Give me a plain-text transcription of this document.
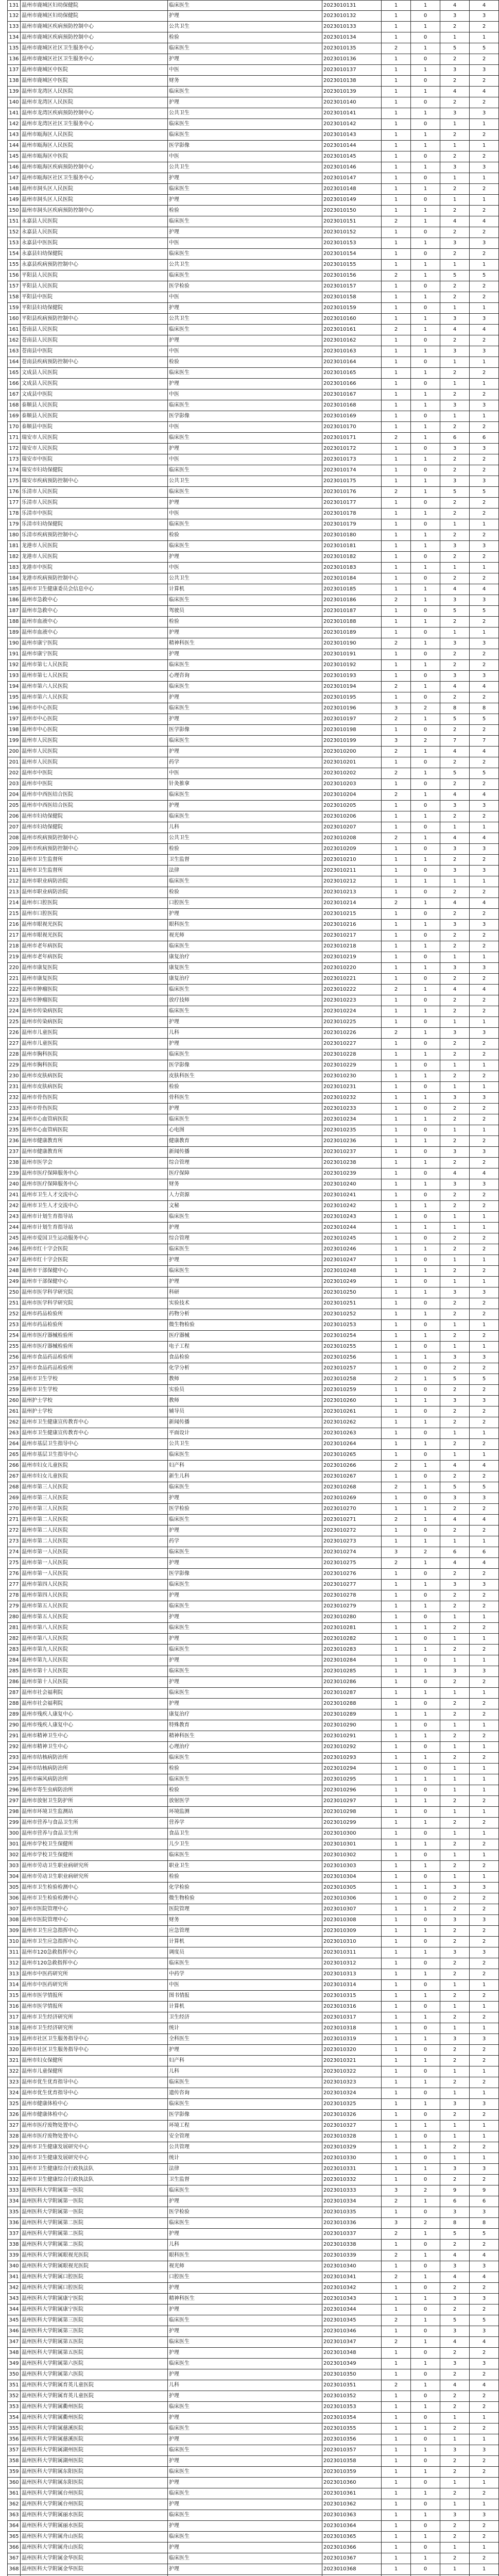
131 温州市鹿城区妇幼保健院	临床医生	2023010131	1	1	4	4
132 温州市鹿城区妇幼保健院	护理	2023010132	1	0	3	3
133 温州市鹿城区疾病预防控制中心	公共卫生	2023010133	1	1	2	2
134 温州市鹿城区疾病预防控制中心	检验	2023010134	1	0	1	1
135 温州市鹿城区社区卫生服务中心	临床医生	2023010135	2	1	5	5
136 温州市鹿城区社区卫生服务中心	护理	2023010136	1	0	2	2
137 温州市鹿城区中医院	中医	2023010137	1	1	3	3
138 温州市鹿城区中医院	财务	2023010138	1	0	2	2
139 温州市龙湾区人民医院	临床医生	2023010139	1	1	4	4
140 温州市龙湾区人民医院	护理	2023010140	1	0	2	2
141 温州市龙湾区疾病预防控制中心	公共卫生	2023010141	1	1	3	3
142 温州市龙湾区社区卫生服务中心	临床医生	2023010142	1	0	1	1
143 温州市瓯海区人民医院	临床医生	2023010143	1	1	2	2
144 温州市瓯海区人民医院	医学影像	2023010144	1	1	1	1
145 温州市瓯海区中医院	中医	2023010145	1	0	2	2
146 温州市瓯海区疾病预防控制中心	公共卫生	2023010146	1	1	3	3
147 温州市瓯海区社区卫生服务中心	护理	2023010147	1	0	1	1
148 温州市洞头区人民医院	临床医生	2023010148	1	1	2	2
149 温州市洞头区人民医院	护理	2023010149	1	0	1	1
150 温州市洞头区疾病预防控制中心	检验	2023010150	1	1	2	2
151 永嘉县人民医院	临床医生	2023010151	2	1	4	4
152 永嘉县人民医院	护理	2023010152	1	0	2	2
153 永嘉县中医医院	中医	2023010153	1	1	3	3
154 永嘉县妇幼保健院	临床医生	2023010154	1	0	2	2
155 永嘉县疾病预防控制中心	公共卫生	2023010155	1	1	1	1
156 平阳县人民医院	临床医生	2023010156	2	1	5	5
157 平阳县人民医院	医学检验	2023010157	1	0	2	2
158 平阳县中医院	中医	2023010158	1	1	2	2
159 平阳县妇幼保健院	护理	2023010159	1	0	1	1
160 平阳县疾病预防控制中心	公共卫生	2023010160	1	1	3	3
161 苍南县人民医院	临床医生	2023010161	2	1	4	4
162 苍南县人民医院	护理	2023010162	1	0	2	2
163 苍南县中医院	中医	2023010163	1	1	3	3
164 苍南县疾病预防控制中心	检验	2023010164	1	0	1	1
165 文成县人民医院	临床医生	2023010165	1	1	2	2
166 文成县人民医院	护理	2023010166	1	0	1	1
167 文成县中医院	中医	2023010167	1	1	2	2
168 泰顺县人民医院	临床医生	2023010168	1	1	3	3
169 泰顺县人民医院	医学影像	2023010169	1	0	1	1
170 泰顺县中医院	中医	2023010170	1	1	2	2
171 瑞安市人民医院	临床医生	2023010171	2	1	6	6
172 瑞安市人民医院	护理	2023010172	1	0	3	3
173 瑞安市中医院	中医	2023010173	1	1	2	2
174 瑞安市妇幼保健院	临床医生	2023010174	1	0	2	2
175 瑞安市疾病预防控制中心	公共卫生	2023010175	1	1	3	3
176 乐清市人民医院	临床医生	2023010176	2	1	5	5
177 乐清市人民医院	护理	2023010177	1	0	2	2
178 乐清市中医院	中医	2023010178	1	1	2	2
179 乐清市妇幼保健院	临床医生	2023010179	1	0	1	1
180 乐清市疾病预防控制中心	检验	2023010180	1	1	2	2
181 龙港市人民医院	临床医生	2023010181	1	1	3	3
182 龙港市人民医院	护理	2023010182	1	0	2	2
183 龙港市中医院	中医	2023010183	1	1	1	1
184 龙港市疾病预防控制中心	公共卫生	2023010184	1	0	2	2
185 温州市卫生健康委员会信息中心	计算机	2023010185	1	1	4	4
186 温州市急救中心	临床医生	2023010186	2	1	3	3
187 温州市急救中心	驾驶员	2023010187	1	0	5	5
188 温州市血液中心	检验	2023010188	1	1	2	2
189 温州市血液中心	护理	2023010189	1	0	1	1
190 温州市康宁医院	精神科医生	2023010190	2	1	3	3
191 温州市康宁医院	护理	2023010191	1	0	2	2
192 温州市第七人民医院	临床医生	2023010192	1	1	2	2
193 温州市第七人民医院	心理咨询	2023010193	1	0	3	3
194 温州市第六人民医院	临床医生	2023010194	2	1	4	4
195 温州市第六人民医院	护理	2023010195	1	0	2	2
196 温州市中心医院	临床医生	2023010196	3	2	8	8
197 温州市中心医院	护理	2023010197	2	1	5	5
198 温州市中心医院	医学影像	2023010198	1	0	2	2
199 温州市人民医院	临床医生	2023010199	3	2	7	7
200 温州市人民医院	护理	2023010200	2	1	4	4
201 温州市人民医院	药学	2023010201	1	0	2	2
202 温州市中医院	中医	2023010202	2	1	5	5
203 温州市中医院	针灸推拿	2023010203	1	0	2	2
204 温州市中西医结合医院	临床医生	2023010204	2	1	4	4
205 温州市中西医结合医院	护理	2023010205	1	0	3	3
206 温州市妇幼保健院	临床医生	2023010206	1	1	2	2
207 温州市妇幼保健院	儿科	2023010207	1	0	1	1
208 温州市疾病预防控制中心	公共卫生	2023010208	2	1	4	4
209 温州市疾病预防控制中心	检验	2023010209	1	0	3	3
210 温州市卫生监督所	卫生监督	2023010210	1	1	2	2
211 温州市卫生监督所	法律	2023010211	1	0	3	3
212 温州市职业病防治院	临床医生	2023010212	1	1	1	1
213 温州市职业病防治院	检验	2023010213	1	0	2	2
214 温州市口腔医院	口腔医生	2023010214	2	1	4	4
215 温州市口腔医院	护理	2023010215	1	0	2	2
216 温州市眼视光医院	眼科医生	2023010216	1	1	3	3
217 温州市眼视光医院	视光师	2023010217	1	0	2	2
218 温州市老年病医院	临床医生	2023010218	1	1	2	2
219 温州市老年病医院	康复治疗	2023010219	1	0	1	1
220 温州市康复医院	康复医生	2023010220	1	1	3	3
221 温州市康复医院	康复治疗	2023010221	1	0	2	2
222 温州市肿瘤医院	临床医生	2023010222	2	1	4	4
223 温州市肿瘤医院	放疗技师	2023010223	1	0	2	2
224 温州市传染病医院	临床医生	2023010224	1	1	2	2
225 温州市传染病医院	护理	2023010225	1	0	1	1
226 温州市儿童医院	儿科	2023010226	2	1	3	3
227 温州市儿童医院	护理	2023010227	1	0	2	2
228 温州市胸科医院	临床医生	2023010228	1	1	2	2
229 温州市胸科医院	医学影像	2023010229	1	0	1	1
230 温州市皮肤病医院	皮肤科医生	2023010230	1	1	2	2
231 温州市皮肤病医院	检验	2023010231	1	0	1	1
232 温州市骨伤医院	骨科医生	2023010232	1	1	3	3
233 温州市骨伤医院	护理	2023010233	1	0	2	2
234 温州市心血管病医院	临床医生	2023010234	1	1	2	2
235 温州市心血管病医院	心电图	2023010235	1	0	1	1
236 温州市健康教育所	健康教育	2023010236	1	1	2	2
237 温州市健康教育所	新闻传播	2023010237	1	0	3	3
238 温州市医学会	综合管理	2023010238	1	1	2	2
239 温州市医疗保障服务中心	医疗保障	2023010239	1	0	4	4
240 温州市医疗保障服务中心	财务	2023010240	1	1	3	3
241 温州市卫生人才交流中心	人力资源	2023010241	1	0	2	2
242 温州市卫生人才交流中心	文秘	2023010242	1	1	2	2
243 温州市计划生育指导站	临床医生	2023010243	1	0	1	1
244 温州市计划生育指导站	护理	2023010244	1	1	1	1
245 温州市爱国卫生运动服务中心	综合管理	2023010245	1	0	2	2
246 温州市红十字会医院	临床医生	2023010246	1	1	2	2
247 温州市红十字会医院	护理	2023010247	1	0	1	1
248 温州市干部保健中心	临床医生	2023010248	1	1	2	2
249 温州市干部保健中心	护理	2023010249	1	0	1	1
250 温州市医学科学研究院	科研	2023010250	1	1	3	3
251 温州市医学科学研究院	实验技术	2023010251	1	0	2	2
252 温州市药品检验所	药物分析	2023010252	1	1	2	2
253 温州市药品检验所	微生物检验	2023010253	1	0	1	1
254 温州市医疗器械检验所	医疗器械	2023010254	1	1	2	2
255 温州市医疗器械检验所	电子工程	2023010255	1	0	1	1
256 温州市食品药品检验所	食品检验	2023010256	1	1	3	3
257 温州市食品药品检验所	化学分析	2023010257	1	0	2	2
258 温州市卫生学校	教师	2023010258	2	1	5	5
259 温州市卫生学校	实验员	2023010259	1	0	2	2
260 温州护士学校	教师	2023010260	1	1	3	3
261 温州护士学校	辅导员	2023010261	1	0	2	2
262 温州市卫生健康宣传教育中心	新闻传播	2023010262	1	1	2	2
263 温州市卫生健康宣传教育中心	平面设计	2023010263	1	0	1	1
264 温州市基层卫生指导中心	公共卫生	2023010264	1	1	2	2
265 温州市基层卫生指导中心	临床医生	2023010265	1	0	1	1
266 温州市妇女儿童医院	妇产科	2023010266	2	1	4	4
267 温州市妇女儿童医院	新生儿科	2023010267	1	0	2	2
268 温州市第三人民医院	临床医生	2023010268	2	1	5	5
269 温州市第三人民医院	护理	2023010269	1	0	3	3
270 温州市第三人民医院	医学检验	2023010270	1	1	2	2
271 温州市第二人民医院	临床医生	2023010271	2	1	4	4
272 温州市第二人民医院	护理	2023010272	1	0	2	2
273 温州市第二人民医院	药学	2023010273	1	1	1	1
274 温州市第一人民医院	临床医生	2023010274	3	2	6	6
275 温州市第一人民医院	护理	2023010275	2	1	4	4
276 温州市第一人民医院	医学影像	2023010276	1	0	2	2
277 温州市第四人民医院	临床医生	2023010277	1	1	3	3
278 温州市第四人民医院	护理	2023010278	1	0	2	2
279 温州市第五人民医院	临床医生	2023010279	1	1	2	2
280 温州市第五人民医院	护理	2023010280	1	0	1	1
281 温州市第八人民医院	临床医生	2023010281	1	1	2	2
282 温州市第八人民医院	护理	2023010282	1	0	1	1
283 温州市第九人民医院	临床医生	2023010283	1	1	2	2
284 温州市第九人民医院	护理	2023010284	1	0	1	1
285 温州市第十人民医院	临床医生	2023010285	1	1	3	3
286 温州市第十人民医院	护理	2023010286	1	0	2	2
287 温州市社会福利院	临床医生	2023010287	1	1	1	1
288 温州市社会福利院	护理	2023010288	1	0	2	2
289 温州市残疾人康复中心	康复治疗	2023010289	1	1	2	2
290 温州市残疾人康复中心	特殊教育	2023010290	1	0	1	1
291 温州市精神卫生中心	精神科医生	2023010291	1	1	2	2
292 温州市精神卫生中心	心理治疗	2023010292	1	0	1	1
293 温州市结核病防治所	临床医生	2023010293	1	1	2	2
294 温州市结核病防治所	检验	2023010294	1	0	1	1
295 温州市麻风病防治所	临床医生	2023010295	1	1	1	1
296 温州市寄生虫病防治所	检验	2023010296	1	0	1	1
297 温州市放射卫生防护所	放射医学	2023010297	1	1	2	2
298 温州市环境卫生监测站	环境监测	2023010298	1	0	1	1
299 温州市营养与食品卫生所	营养学	2023010299	1	1	2	2
300 温州市营养与食品卫生所	食品卫生	2023010300	1	0	1	1
301 温州市学校卫生保健所	儿少卫生	2023010301	1	1	2	2
302 温州市学校卫生保健所	临床医生	2023010302	1	0	1	1
303 温州市劳动卫生职业病研究所	职业卫生	2023010303	1	1	2	2
304 温州市劳动卫生职业病研究所	检验	2023010304	1	0	1	1
305 温州市卫生检验检测中心	化学检验	2023010305	1	1	3	3
306 温州市卫生检验检测中心	微生物检验	2023010306	1	0	2	2
307 温州市医院管理中心	医院管理	2023010307	1	1	2	2
308 温州市医院管理中心	财务	2023010308	1	0	3	3
309 温州市卫生应急指挥中心	应急管理	2023010309	1	1	2	2
310 温州市卫生应急指挥中心	计算机	2023010310	1	0	2	2
311 温州市120急救指挥中心	调度员	2023010311	1	1	3	3
312 温州市120急救指挥中心	临床医生	2023010312	1	0	2	2
313 温州市中医药研究所	中药学	2023010313	1	1	2	2
314 温州市中医药研究所	中医	2023010314	1	0	1	1
315 温州市医学情报所	图书情报	2023010315	1	1	2	2
316 温州市医学情报所	计算机	2023010316	1	0	1	1
317 温州市卫生经济研究所	卫生经济	2023010317	1	1	2	2
318 温州市卫生经济研究所	统计	2023010318	1	0	1	1
319 温州市社区卫生服务指导中心	全科医生	2023010319	1	1	3	3
320 温州市社区卫生服务指导中心	护理	2023010320	1	0	2	2
321 温州市妇女保健所	妇产科	2023010321	1	1	2	2
322 温州市儿童保健所	儿科	2023010322	1	0	1	1
323 温州市优生优育指导中心	临床医生	2023010323	1	1	2	2
324 温州市优生优育指导中心	遗传咨询	2023010324	1	0	1	1
325 温州市健康体检中心	临床医生	2023010325	1	1	3	3
326 温州市健康体检中心	医学影像	2023010326	1	0	2	2
327 温州市医疗废物处置中心	环境工程	2023010327	1	1	1	1
328 温州市医疗废物处置中心	安全管理	2023010328	1	0	1	1
329 温州市卫生健康发展研究中心	公共管理	2023010329	1	1	2	2
330 温州市卫生健康发展研究中心	统计	2023010330	1	0	1	1
331 温州市卫生健康综合行政执法队	法律	2023010331	1	1	3	3
332 温州市卫生健康综合行政执法队	卫生监督	2023010332	1	0	2	2
333 温州医科大学附属第一医院	临床医生	2023010333	3	2	9	9
334 温州医科大学附属第一医院	护理	2023010334	2	1	6	6
335 温州医科大学附属第一医院	医学检验	2023010335	1	0	3	3
336 温州医科大学附属第二医院	临床医生	2023010336	3	2	8	8
337 温州医科大学附属第二医院	护理	2023010337	2	1	5	5
338 温州医科大学附属第二医院	儿科	2023010338	1	0	2	2
339 温州医科大学附属眼视光医院	眼科医生	2023010339	2	1	4	4
340 温州医科大学附属眼视光医院	视光师	2023010340	1	0	3	3
341 温州医科大学附属口腔医院	口腔医生	2023010341	2	1	4	4
342 温州医科大学附属口腔医院	护理	2023010342	1	0	2	2
343 温州医科大学附属康宁医院	精神科医生	2023010343	1	1	3	3
344 温州医科大学附属康宁医院	护理	2023010344	1	0	2	2
345 温州医科大学附属第三医院	临床医生	2023010345	2	1	5	5
346 温州医科大学附属第三医院	护理	2023010346	1	0	3	3
347 温州医科大学附属第五医院	临床医生	2023010347	2	1	4	4
348 温州医科大学附属第五医院	护理	2023010348	1	0	2	2
349 温州医科大学附属第六医院	临床医生	2023010349	1	1	3	3
350 温州医科大学附属第六医院	护理	2023010350	1	0	2	2
351 温州医科大学附属育英儿童医院	儿科	2023010351	2	1	4	4
352 温州医科大学附属育英儿童医院	护理	2023010352	1	0	2	2
353 温州医科大学附属衢州医院	临床医生	2023010353	1	1	2	2
354 温州医科大学附属衢州医院	护理	2023010354	1	0	1	1
355 温州医科大学附属慈溪医院	临床医生	2023010355	1	1	2	2
356 温州医科大学附属慈溪医院	护理	2023010356	1	0	1	1
357 温州医科大学附属湖州医院	临床医生	2023010357	1	1	3	3
358 温州医科大学附属湖州医院	护理	2023010358	1	0	2	2
359 温州医科大学附属东阳医院	临床医生	2023010359	1	1	2	2
360 温州医科大学附属东阳医院	护理	2023010360	1	0	1	1
361 温州医科大学附属台州医院	临床医生	2023010361	1	1	2	2
362 温州医科大学附属台州医院	护理	2023010362	1	0	1	1
363 温州医科大学附属丽水医院	临床医生	2023010363	1	1	3	3
364 温州医科大学附属丽水医院	护理	2023010364	1	0	2	2
365 温州医科大学附属舟山医院	临床医生	2023010365	1	1	2	2
366 温州医科大学附属舟山医院	护理	2023010366	1	0	1	1
367 温州医科大学附属金华医院	临床医生	2023010367	1	1	2	2
368 温州医科大学附属金华医院	护理	2023010368	1	0	1	1
